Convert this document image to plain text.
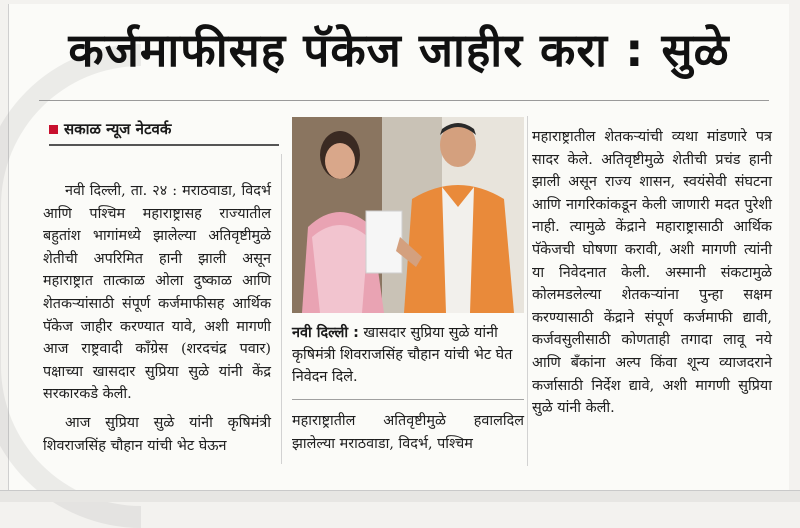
कर्जमाफीसह पॅकेज जाहीर करा : सुळे
सकाळ न्यूज नेटवर्क

नवी दिल्ली, ता. २४ : मराठवाडा, विदर्भ आणि पश्चिम महाराष्ट्रासह राज्यातील बहुतांश भागांमध्ये झालेल्या अतिवृष्टीमुळे शेतीची अपरिमित हानी झाली असून महाराष्ट्रात तात्काळ ओला दुष्काळ आणि शेतकऱ्यांसाठी संपूर्ण कर्जमाफीसह आर्थिक पॅकेज जाहीर करण्यात यावे, अशी मागणी आज राष्ट्रवादी काँग्रेस (शरदचंद्र पवार) पक्षाच्या खासदार सुप्रिया सुळे यांनी केंद्र सरकारकडे केली.

आज सुप्रिया सुळे यांनी कृषिमंत्री शिवराजसिंह चौहान यांची भेट घेऊन

नवी दिल्ली : खासदार सुप्रिया सुळे यांनी कृषिमंत्री शिवराजसिंह चौहान यांची भेट घेत निवेदन दिले.

महाराष्ट्रातील अतिवृष्टीमुळे हवालदिल झालेल्या मराठवाडा, विदर्भ, पश्चिम

महाराष्ट्रातील शेतकऱ्यांची व्यथा मांडणारे पत्र सादर केले. अतिवृष्टीमुळे शेतीची प्रचंड हानी झाली असून राज्य शासन, स्वयंसेवी संघटना आणि नागरिकांकडून केली जाणारी मदत पुरेशी नाही. त्यामुळे केंद्राने महाराष्ट्रासाठी आर्थिक पॅकेजची घोषणा करावी, अशी मागणी त्यांनी या निवेदनात केली. अस्मानी संकटामुळे कोलमडलेल्या शेतकऱ्यांना पुन्हा सक्षम करण्यासाठी केंद्राने संपूर्ण कर्जमाफी द्यावी, कर्जवसुलीसाठी कोणताही तगादा लावू नये आणि बँकांना अल्प किंवा शून्य व्याजदराने कर्जासाठी निर्देश द्यावे, अशी मागणी सुप्रिया सुळे यांनी केली.
